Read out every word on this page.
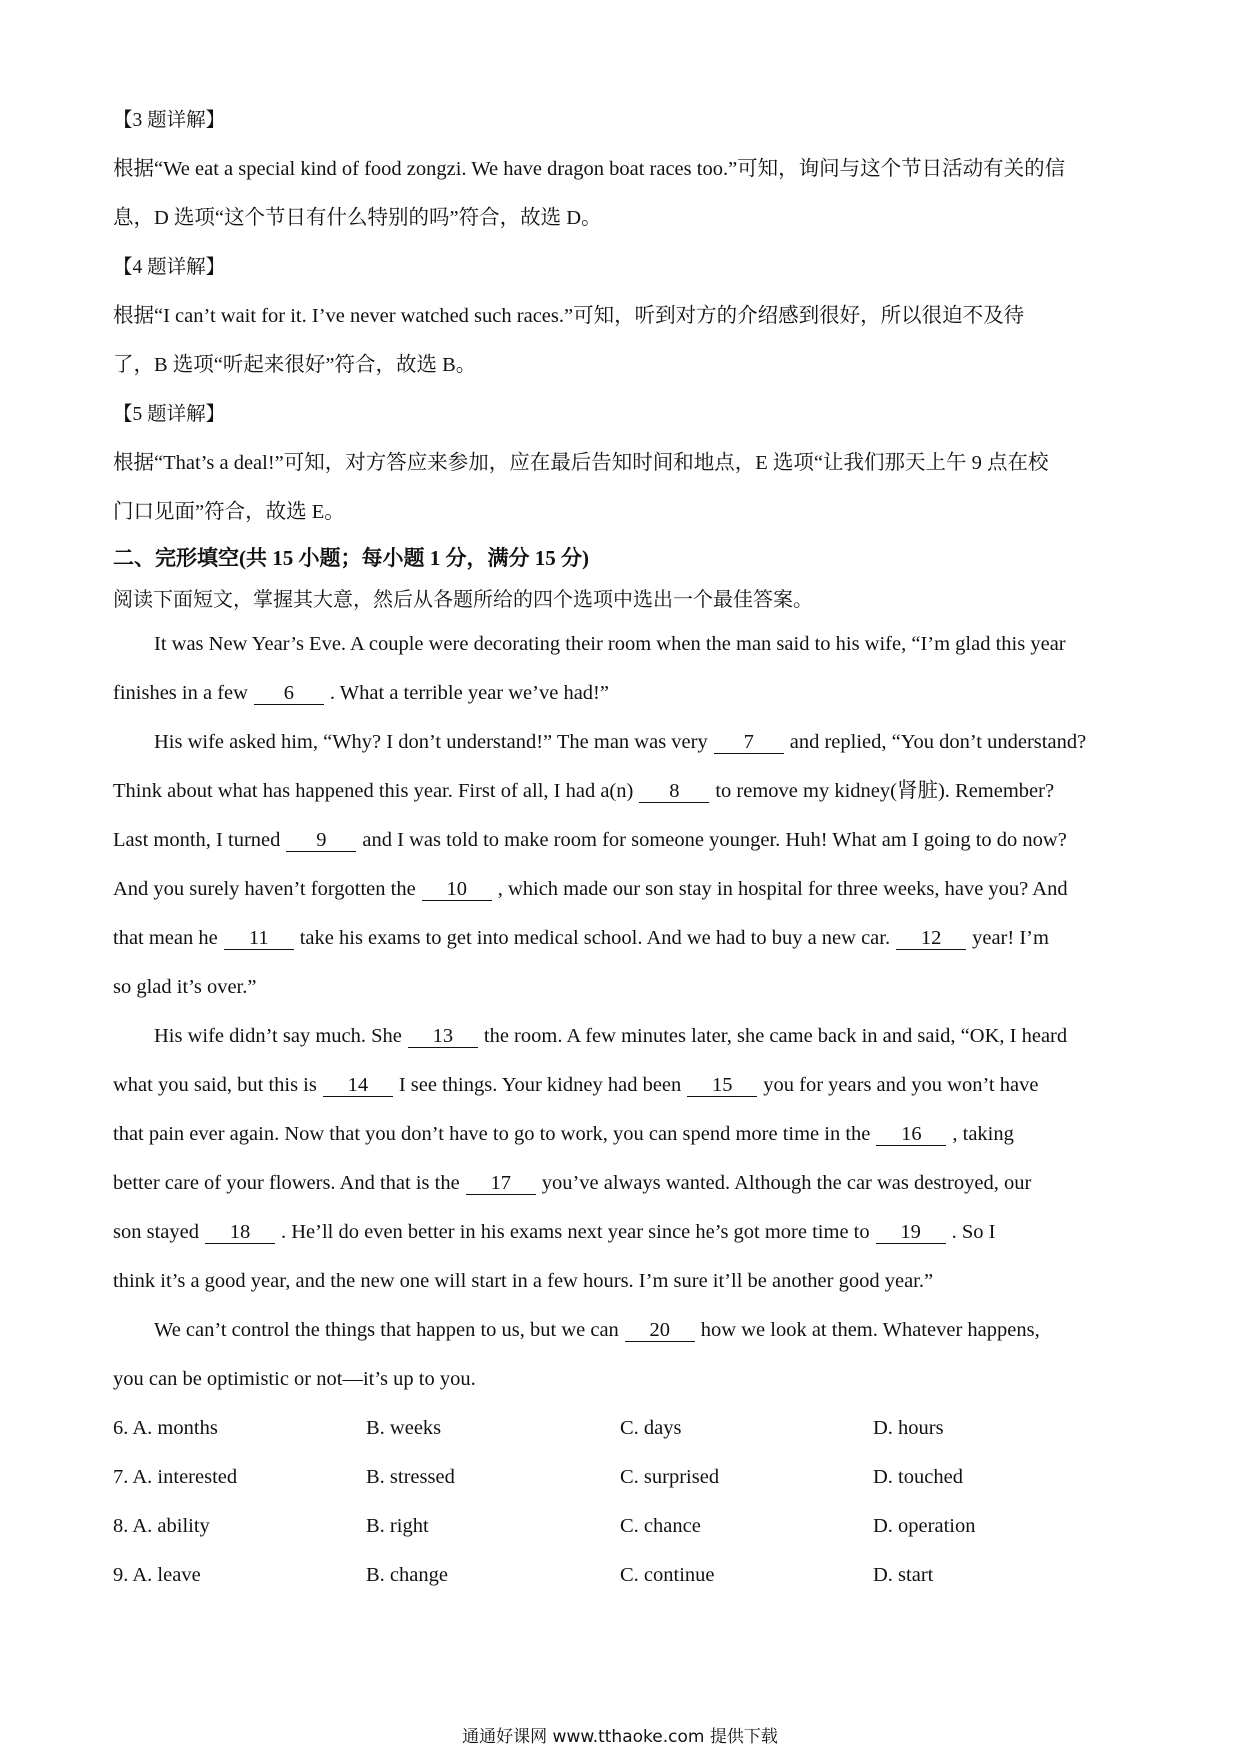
【3 题详解】
根据“We eat a special kind of food zongzi. We have dragon boat races too.”可知，询问与这个节日活动有关的信
息，D 选项“这个节日有什么特别的吗”符合，故选 D。
【4 题详解】
根据“I can’t wait for it. I’ve never watched such races.”可知，听到对方的介绍感到很好，所以很迫不及待
了，B 选项“听起来很好”符合，故选 B。
【5 题详解】
根据“That’s a deal!”可知，对方答应来参加，应在最后告知时间和地点，E 选项“让我们那天上午 9 点在校
门口见面”符合，故选 E。
二、完形填空(共 15 小题；每小题 1 分，满分 15 分)
阅读下面短文，掌握其大意，然后从各题所给的四个选项中选出一个最佳答案。
It was New Year’s Eve. A couple were decorating their room when the man said to his wife, “I’m glad this year
finishes in a few 6 . What a terrible year we’ve had!”
His wife asked him, “Why? I don’t understand!” The man was very 7 and replied, “You don’t understand?
Think about what has happened this year. First of all, I had a(n) 8 to remove my kidney(肾脏). Remember?
Last month, I turned 9 and I was told to make room for someone younger. Huh! What am I going to do now?
And you surely haven’t forgotten the 10 , which made our son stay in hospital for three weeks, have you? And
that mean he 11 take his exams to get into medical school. And we had to buy a new car. 12 year! I’m
so glad it’s over.”
His wife didn’t say much. She 13 the room. A few minutes later, she came back in and said, “OK, I heard
what you said, but this is 14 I see things. Your kidney had been 15 you for years and you won’t have
that pain ever again. Now that you don’t have to go to work, you can spend more time in the 16 , taking
better care of your flowers. And that is the 17 you’ve always wanted. Although the car was destroyed, our
son stayed 18 . He’ll do even better in his exams next year since he’s got more time to 19 . So I
think it’s a good year, and the new one will start in a few hours. I’m sure it’ll be another good year.”
We can’t control the things that happen to us, but we can 20 how we look at them. Whatever happens,
you can be optimistic or not—it’s up to you.
6. A. months	B. weeks	C. days	D. hours
7. A. interested	B. stressed	C. surprised	D. touched
8. A. ability	B. right	C. chance	D. operation
9. A. leave	B. change	C. continue	D. start
通通好课网 www.tthaoke.com 提供下载
